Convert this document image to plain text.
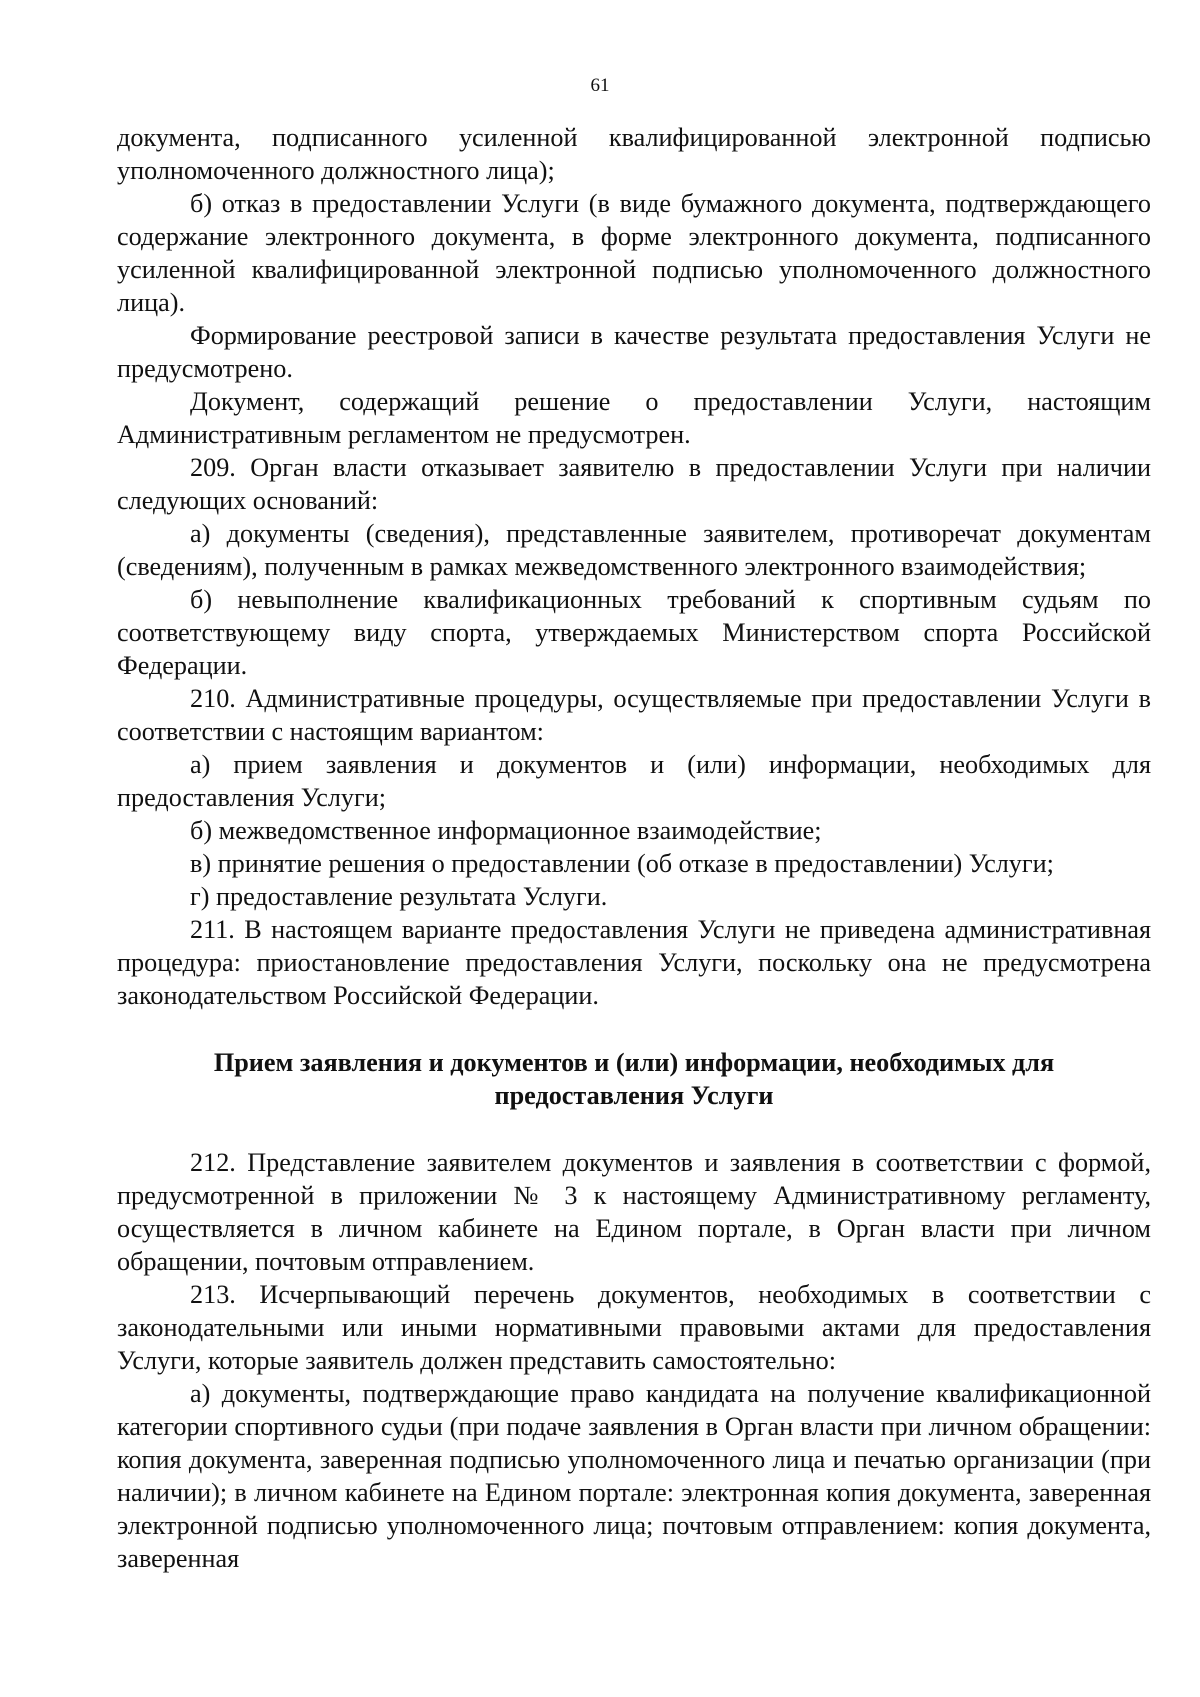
61

документа, подписанного усиленной квалифицированной электронной подписью уполномоченного должностного лица);

б) отказ в предоставлении Услуги (в виде бумажного документа, подтверждающего содержание электронного документа, в форме электронного документа, подписанного усиленной квалифицированной электронной подписью уполномоченного должностного лица).

Формирование реестровой записи в качестве результата предоставления Услуги не предусмотрено.

Документ, содержащий решение о предоставлении Услуги, настоящим Административным регламентом не предусмотрен.

209. Орган власти отказывает заявителю в предоставлении Услуги при наличии следующих оснований:

а) документы (сведения), представленные заявителем, противоречат документам (сведениям), полученным в рамках межведомственного электронного взаимодействия;

б) невыполнение квалификационных требований к спортивным судьям по соответствующему виду спорта, утверждаемых Министерством спорта Российской Федерации.

210. Административные процедуры, осуществляемые при предоставлении Услуги в соответствии с настоящим вариантом:

а) прием заявления и документов и (или) информации, необходимых для предоставления Услуги;

б) межведомственное информационное взаимодействие;

в) принятие решения о предоставлении (об отказе в предоставлении) Услуги;

г) предоставление результата Услуги.

211. В настоящем варианте предоставления Услуги не приведена административная процедура: приостановление предоставления Услуги, поскольку она не предусмотрена законодательством Российской Федерации.

Прием заявления и документов и (или) информации, необходимых для
предоставления Услуги

212. Представление заявителем документов и заявления в соответствии с формой, предусмотренной в приложении № 3 к настоящему Административному регламенту, осуществляется в личном кабинете на Едином портале, в Орган власти при личном обращении, почтовым отправлением.

213. Исчерпывающий перечень документов, необходимых в соответствии с законодательными или иными нормативными правовыми актами для предоставления Услуги, которые заявитель должен представить самостоятельно:

а) документы, подтверждающие право кандидата на получение квалификационной категории спортивного судьи (при подаче заявления в Орган власти при личном обращении: копия документа, заверенная подписью уполномоченного лица и печатью организации (при наличии); в личном кабинете на Едином портале: электронная копия документа, заверенная электронной подписью уполномоченного лица; почтовым отправлением: копия документа, заверенная
